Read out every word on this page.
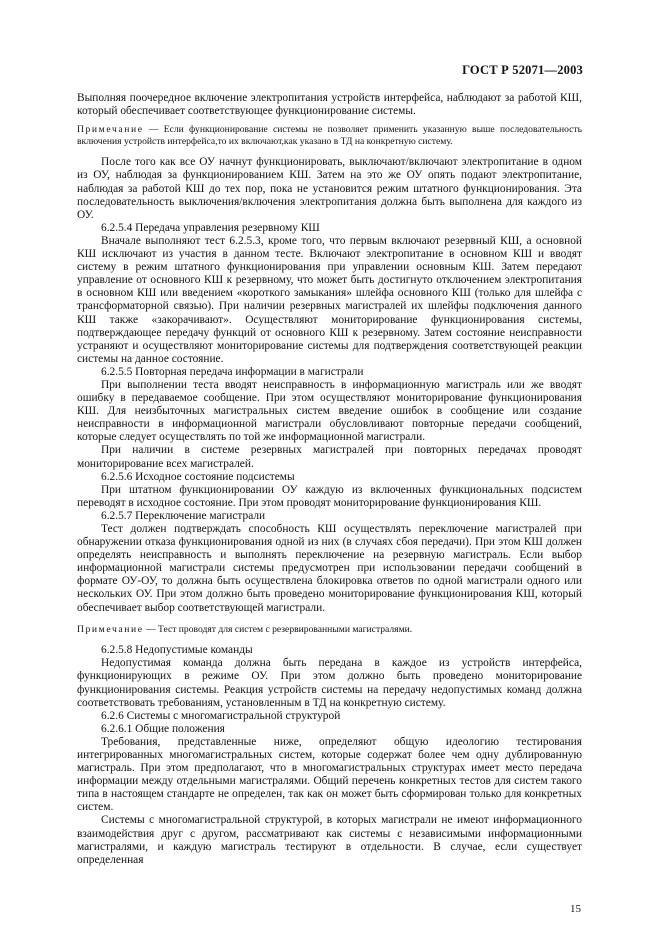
ГОСТ Р 52071—2003

Выполняя поочередное включение электропитания устройств интерфейса, наблюдают за работой КШ, который обеспечивает соответствующее функционирование системы.

Примечание — Если функционирование системы не позволяет применить указанную выше последовательность включения устройств интерфейса,то их включают,как указано в ТД на конкретную систему.

После того как все ОУ начнут функционировать, выключают/включают электропитание в одном из ОУ, наблюдая за функционированием КШ. Затем на это же ОУ опять подают электропитание, наблюдая за работой КШ до тех пор, пока не установится режим штатного функционирования. Эта последовательность выключения/включения электропитания должна быть выполнена для каждого из ОУ.

6.2.5.4 Передача управления резервному КШ

Вначале выполняют тест 6.2.5.3, кроме того, что первым включают резервный КШ, а основной КШ исключают из участия в данном тесте. Включают электропитание в основном КШ и вводят систему в режим штатного функционирования при управлении основным КШ. Затем передают управление от основного КШ к резервному, что может быть достигнуто отключением электропитания в основном КШ или введением «короткого замыкания» шлейфа основного КШ (только для шлейфа с трансформаторной связью). При наличии резервных магистралей их шлейфы подключения данного КШ также «закорачивают». Осуществляют мониторирование функционирования системы, подтверждающее передачу функций от основного КШ к резервному. Затем состояние неисправности устраняют и осуществляют мониторирование системы для подтверждения соответствующей реакции системы на данное состояние.

6.2.5.5 Повторная передача информации в магистрали

При выполнении теста вводят неисправность в информационную магистраль или же вводят ошибку в передаваемое сообщение. При этом осуществляют мониторирование функционирования КШ. Для неизбыточных магистральных систем введение ошибок в сообщение или создание неисправности в информационной магистрали обусловливают повторные передачи сообщений, которые следует осуществлять по той же информационной магистрали.

При наличии в системе резервных магистралей при повторных передачах проводят мониторирование всех магистралей.

6.2.5.6 Исходное состояние подсистемы

При штатном функционировании ОУ каждую из включенных функциональных подсистем переводят в исходное состояние. При этом проводят мониторирование функционирования КШ.

6.2.5.7 Переключение магистрали

Тест должен подтверждать способность КШ осуществлять переключение магистралей при обнаружении отказа функционирования одной из них (в случаях сбоя передачи). При этом КШ должен определять неисправность и выполнять переключение на резервную магистраль. Если выбор информационной магистрали системы предусмотрен при использовании передачи сообщений в формате ОУ-ОУ, то должна быть осуществлена блокировка ответов по одной магистрали одного или нескольких ОУ. При этом должно быть проведено мониторирование функционирования КШ, который обеспечивает выбор соответствующей магистрали.

Примечание — Тест проводят для систем с резервированными магистралями.

6.2.5.8 Недопустимые команды

Недопустимая команда должна быть передана в каждое из устройств интерфейса, функционирующих в режиме ОУ. При этом должно быть проведено мониторирование функционирования системы. Реакция устройств системы на передачу недопустимых команд должна соответствовать требованиям, установленным в ТД на конкретную систему.

6.2.6 Системы с многомагистральной структурой

6.2.6.1 Общие положения

Требования, представленные ниже, определяют общую идеологию тестирования интегрированных многомагистральных систем, которые содержат более чем одну дублированную магистраль. При этом предполагают, что в многомагистральных структурах имеет место передача информации между отдельными магистралями. Общий перечень конкретных тестов для систем такого типа в настоящем стандарте не определен, так как он может быть сформирован только для конкретных систем.

Системы с многомагистральной структурой, в которых магистрали не имеют информационного взаимодействия друг с другом, рассматривают как системы с независимыми информационными магистралями, и каждую магистраль тестируют в отдельности. В случае, если существует определенная

15
